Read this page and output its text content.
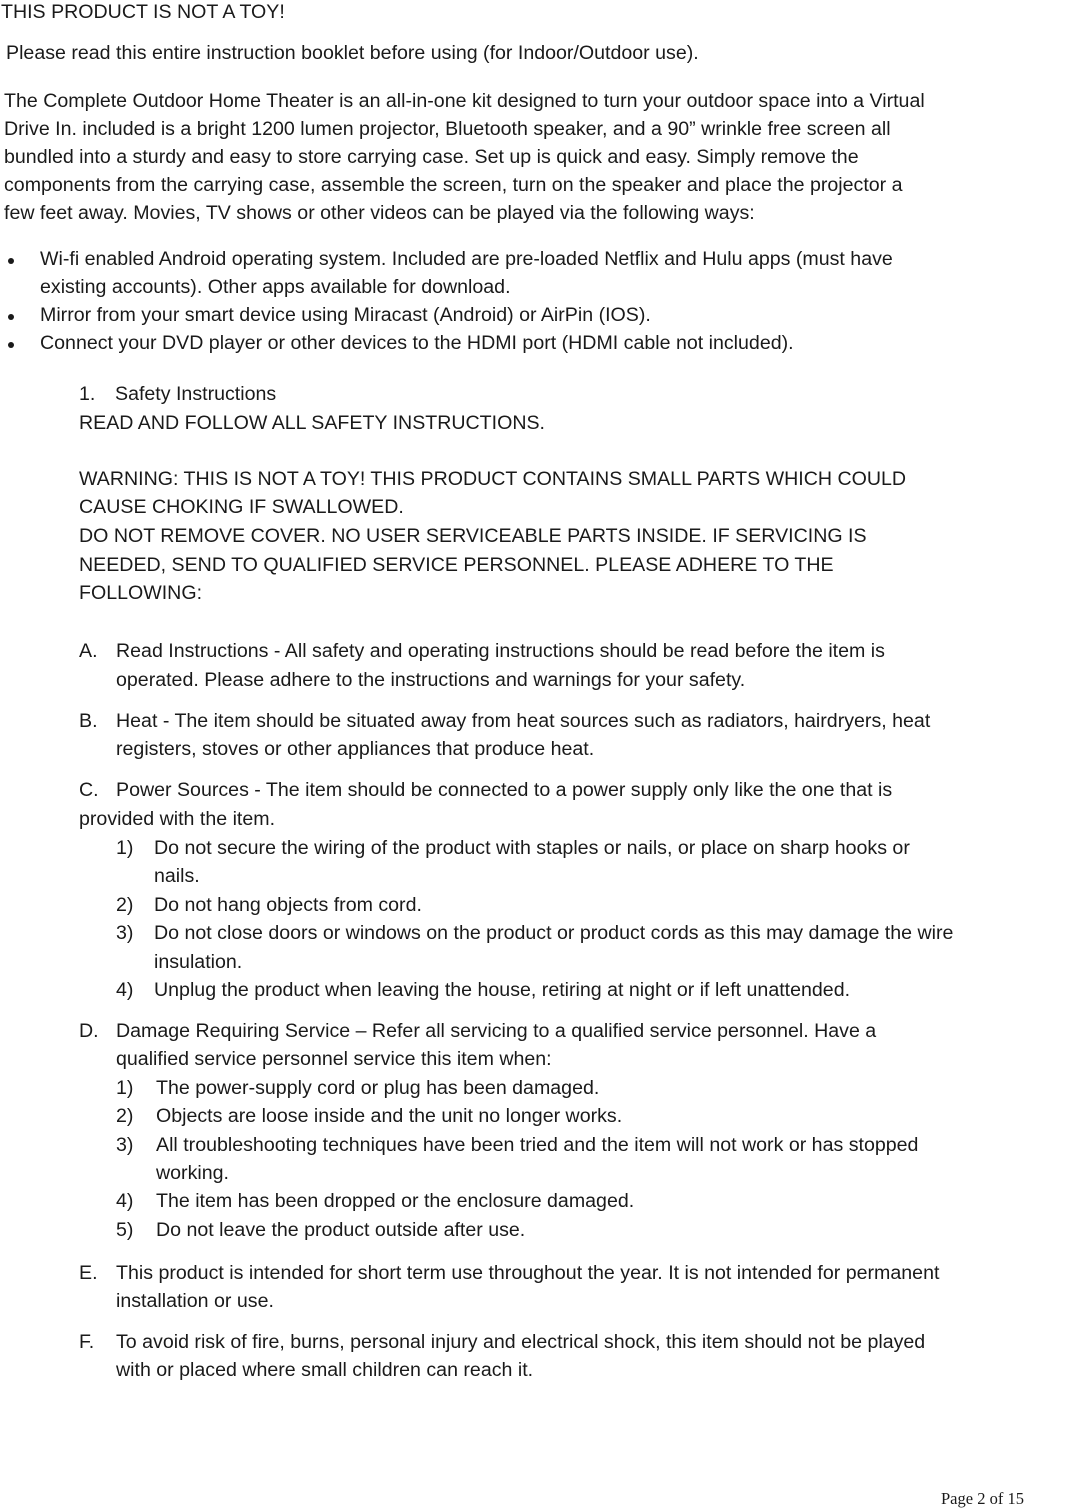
THIS PRODUCT IS NOT A TOY!

Please read this entire instruction booklet before using (for Indoor/Outdoor use).

The Complete Outdoor Home Theater is an all-in-one kit designed to turn your outdoor space into a Virtual

Drive In. included is a bright 1200 lumen projector, Bluetooth speaker, and a 90” wrinkle free screen all

bundled into a sturdy and easy to store carrying case. Set up is quick and easy. Simply remove the

components from the carrying case, assemble the screen, turn on the speaker and place the projector a

few feet away. Movies, TV shows or other videos can be played via the following ways:

Wi-fi enabled Android operating system. Included are pre-loaded Netflix and Hulu apps (must have

existing accounts). Other apps available for download.

Mirror from your smart device using Miracast (Android) or AirPin (IOS).

Connect your DVD player or other devices to the HDMI port (HDMI cable not included).

1. Safety Instructions

READ AND FOLLOW ALL SAFETY INSTRUCTIONS.

WARNING: THIS IS NOT A TOY! THIS PRODUCT CONTAINS SMALL PARTS WHICH COULD

CAUSE CHOKING IF SWALLOWED.

DO NOT REMOVE COVER. NO USER SERVICEABLE PARTS INSIDE. IF SERVICING IS

NEEDED, SEND TO QUALIFIED SERVICE PERSONNEL. PLEASE ADHERE TO THE

FOLLOWING:

A. Read Instructions - All safety and operating instructions should be read before the item is

operated. Please adhere to the instructions and warnings for your safety.

B. Heat - The item should be situated away from heat sources such as radiators, hairdryers, heat

registers, stoves or other appliances that produce heat.

C. Power Sources - The item should be connected to a power supply only like the one that is

provided with the item.

1) Do not secure the wiring of the product with staples or nails, or place on sharp hooks or

nails.

2) Do not hang objects from cord.

3) Do not close doors or windows on the product or product cords as this may damage the wire

insulation.

4) Unplug the product when leaving the house, retiring at night or if left unattended.

D. Damage Requiring Service – Refer all servicing to a qualified service personnel. Have a

qualified service personnel service this item when:

1) The power-supply cord or plug has been damaged.

2) Objects are loose inside and the unit no longer works.

3) All troubleshooting techniques have been tried and the item will not work or has stopped

working.

4) The item has been dropped or the enclosure damaged.

5) Do not leave the product outside after use.

E. This product is intended for short term use throughout the year. It is not intended for permanent

installation or use.

F. To avoid risk of fire, burns, personal injury and electrical shock, this item should not be played

with or placed where small children can reach it.

Page 2 of 15
